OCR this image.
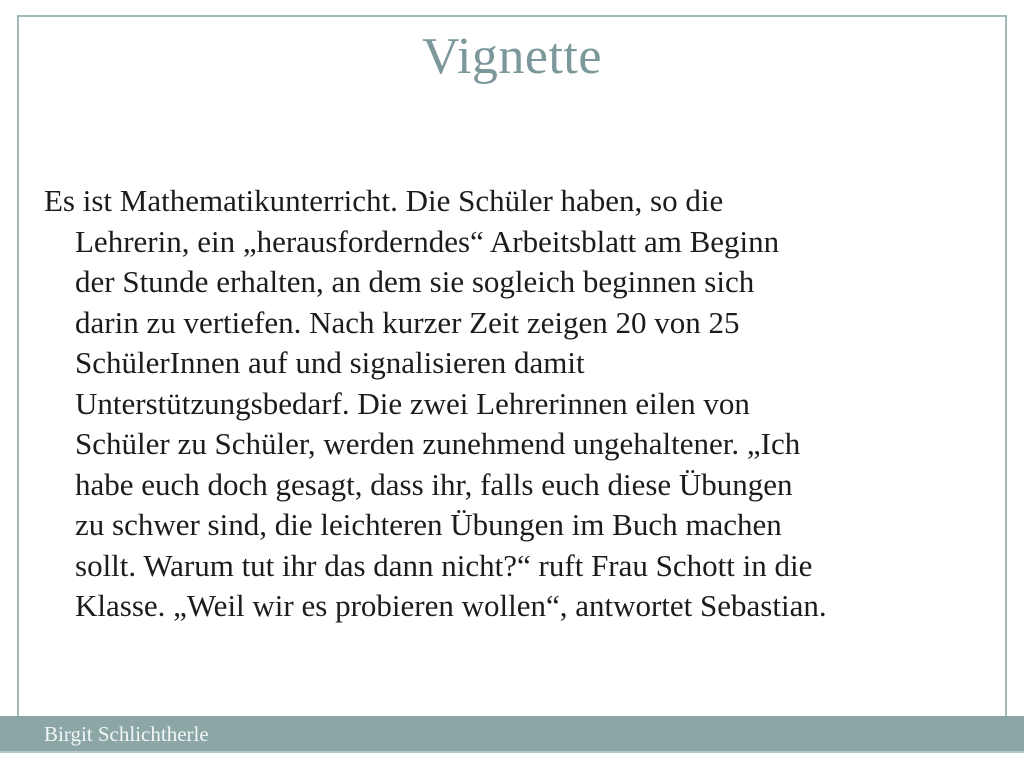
Vignette
Es ist Mathematikunterricht. Die Schüler haben, so die
Lehrerin, ein „herausforderndes“ Arbeitsblatt am Beginn
der Stunde erhalten, an dem sie sogleich beginnen sich
darin zu vertiefen. Nach kurzer Zeit zeigen 20 von 25
SchülerInnen auf und signalisieren damit
Unterstützungsbedarf. Die zwei Lehrerinnen eilen von
Schüler zu Schüler, werden zunehmend ungehaltener. „Ich
habe euch doch gesagt, dass ihr, falls euch diese Übungen
zu schwer sind, die leichteren Übungen im Buch machen
sollt. Warum tut ihr das dann nicht?“ ruft Frau Schott in die
Klasse. „Weil wir es probieren wollen“, antwortet Sebastian.
Birgit Schlichtherle
